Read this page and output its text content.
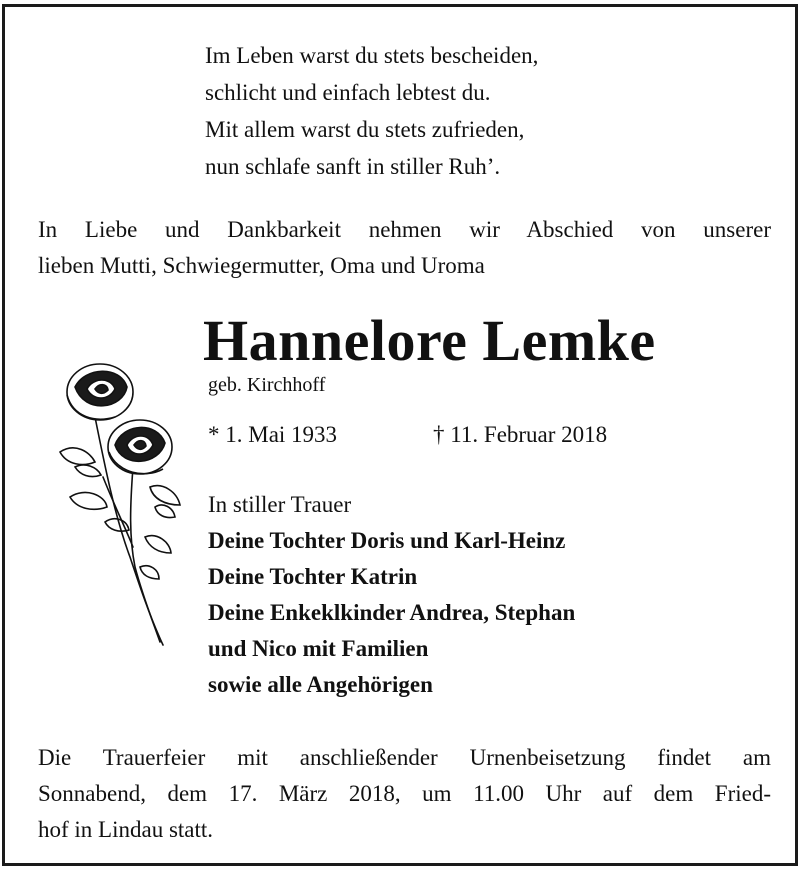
Im Leben warst du stets bescheiden,
schlicht und einfach lebtest du.
Mit allem warst du stets zufrieden,
nun schlafe sanft in stiller Ruh’.
In Liebe und Dankbarkeit nehmen wir Abschied von unserer
lieben Mutti, Schwiegermutter, Oma und Uroma
Hannelore Lemke
geb. Kirchhoff
* 1. Mai 1933	† 11. Februar 2018
In stiller Trauer
Deine Tochter Doris und Karl-Heinz
Deine Tochter Katrin
Deine Enkeklkinder Andrea, Stephan
und Nico mit Familien
sowie alle Angehörigen
Die Trauerfeier mit anschließender Urnenbeisetzung findet am
Sonnabend, dem 17. März 2018, um 11.00 Uhr auf dem Fried-
hof in Lindau statt.
